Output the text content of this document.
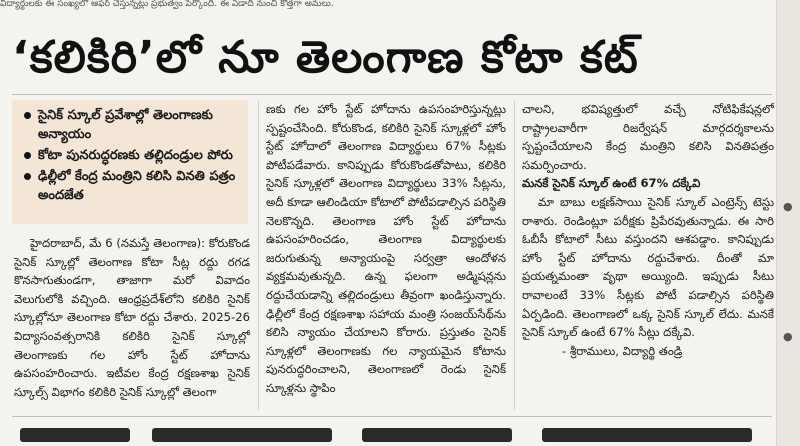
విద్యార్థులకు ఈ సంఖ్యలో ఆఫర్ చేస్తున్నట్లు ప్రభుత్వం పేర్కొంది. ఈ ఏడాది నుంచి కొత్తగా అమలు.
‘కలికిరి’లో నూ తెలంగాణ కోటా కట్
సైనిక్ స్కూల్ ప్రవేశాల్లో తెలంగాణకు అన్యాయం
కోటా పునరుద్ధరణకు తల్లిదండ్రుల పోరు
ఢిల్లీలో కేంద్ర మంత్రిని కలిసి వినతి పత్రం అందజేత

హైదరాబాద్, మే 6 (నమస్తే తెలంగాణ): కోరుకొండ సైనిక్ స్కూల్లో తెలంగాణ కోటా సీట్ల రద్దు రగడ కొనసాగుతుండగా, తాజాగా మరో వివాదం వెలుగులోకి వచ్చింది. ఆంధ్రప్రదేశ్‌లోని కలికిరి సైనిక్ స్కూల్లోనూ తెలంగాణ కోటా రద్దు చేశారు. 2025-26 విద్యాసంవత్సరానికి కలికిరి సైనిక్ స్కూల్లో తెలంగాణకు గల హోం స్టేట్ హోదాను ఉపసంహరించారు. ఇటీవల కేంద్ర రక్షణశాఖ సైనిక్ స్కూల్స్ విభాగం కలికిరి సైనిక్ స్కూల్లో తెలంగా

ణకు గల హోం స్టేట్ హోదాను ఉపసంహరిస్తున్నట్లు స్పష్టంచేసింది. కోరుకొండ, కలికిరి సైనిక్ స్కూళ్లలో హోం స్టేట్ హోదాలో తెలంగాణ విద్యార్థులు 67% సీట్లకు పోటీపడేవారు. కానిప్పుడు కోరుకొండతోపాటు, కలికిరి సైనిక్ స్కూళ్లలో తెలంగాణ విద్యార్థులు 33% సీట్లను, అదీ కూడా ఆలిండియా కోటాలో పోటీపడాల్సిన పరిస్థితి నెలకొన్నది. తెలంగాణ హోం స్టేట్ హోదాను ఉపసంహరించడం, తెలంగాణ విద్యార్థులకు జరుగుతున్న అన్యాయంపై సర్వత్రా ఆందోళన వ్యక్తమవుతున్నది. ఉన్న ఫలంగా అడ్మిషన్లను రద్దుచేయడాన్ని తల్లిదండ్రులు తీవ్రంగా ఖండిస్తున్నారు. ఢిల్లీలో కేంద్ర రక్షణశాఖ సహాయ మంత్రి సంజయ్‌సేథ్‌ను కలిసి న్యాయం చేయాలని కోరారు. ప్రస్తుతం సైనిక్ స్కూళ్లలో తెలంగాణకు గల న్యాయమైన కోటాను పునరుద్ధరించాలని, తెలంగాణలో రెండు సైనిక్ స్కూళ్లను స్థాపిం

చాలని, భవిష్యత్తులో వచ్చే నోటిఫికేషన్లలో రాష్ట్రాలవారీగా రిజర్వేషన్ మార్గదర్శకాలను స్పష్టంచేయాలని కేంద్ర మంత్రిని కలిసి వినతిపత్రం సమర్పించారు.

మనకే సైనిక్ స్కూల్ ఉంటే 67% దక్కేవి

మా బాబు లక్షణ్‌సాయి సైనిక్ స్కూల్ ఎంట్రెన్స్ టెస్టు రాశారు. రెండింట్లూ పరీక్షకు ప్రిపేరవుతున్నాడు. ఈ సారి ఓబీసీ కోటాలో సీటు వస్తుందని ఆశపడ్డాం. కానిప్పుడు హోం స్టేట్ హోదాను రద్దుచేశారు. దీంతో మా ప్రయత్నమంతా వృథా అయ్యింది. ఇప్పుడు సీటు రావాలంటే 33% సీట్లకు పోటీ పడాల్సిన పరిస్థితి ఏర్పడింది. తెలంగాణలో ఒక్క సైనిక్ స్కూల్ లేదు. మనకే సైనిక్ స్కూల్ ఉంటే 67% సీట్లు దక్కేవి.

- శ్రీరాములు, విద్యార్థి తండ్రి

●
●
